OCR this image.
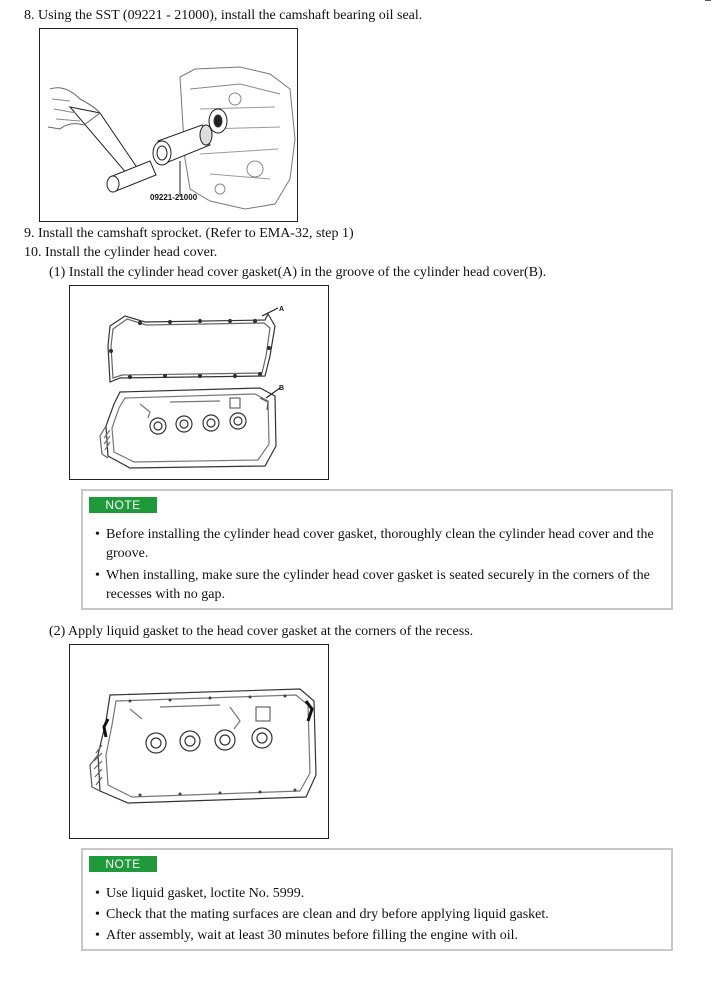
8. Using the SST (09221 - 21000), install the camshaft bearing oil seal.
09221-21000
9. Install the camshaft sprocket. (Refer to EMA-32, step 1)
10. Install the cylinder head cover.
(1) Install the cylinder head cover gasket(A) in the groove of the cylinder head cover(B).
A
B
NOTE
• Before installing the cylinder head cover gasket, thoroughly clean the cylinder head cover and the groove.
• When installing, make sure the cylinder head cover gasket is seated securely in the corners of the recesses with no gap.
(2) Apply liquid gasket to the head cover gasket at the corners of the recess.
NOTE
• Use liquid gasket, loctite No. 5999.
• Check that the mating surfaces are clean and dry before applying liquid gasket.
• After assembly, wait at least 30 minutes before filling the engine with oil.
